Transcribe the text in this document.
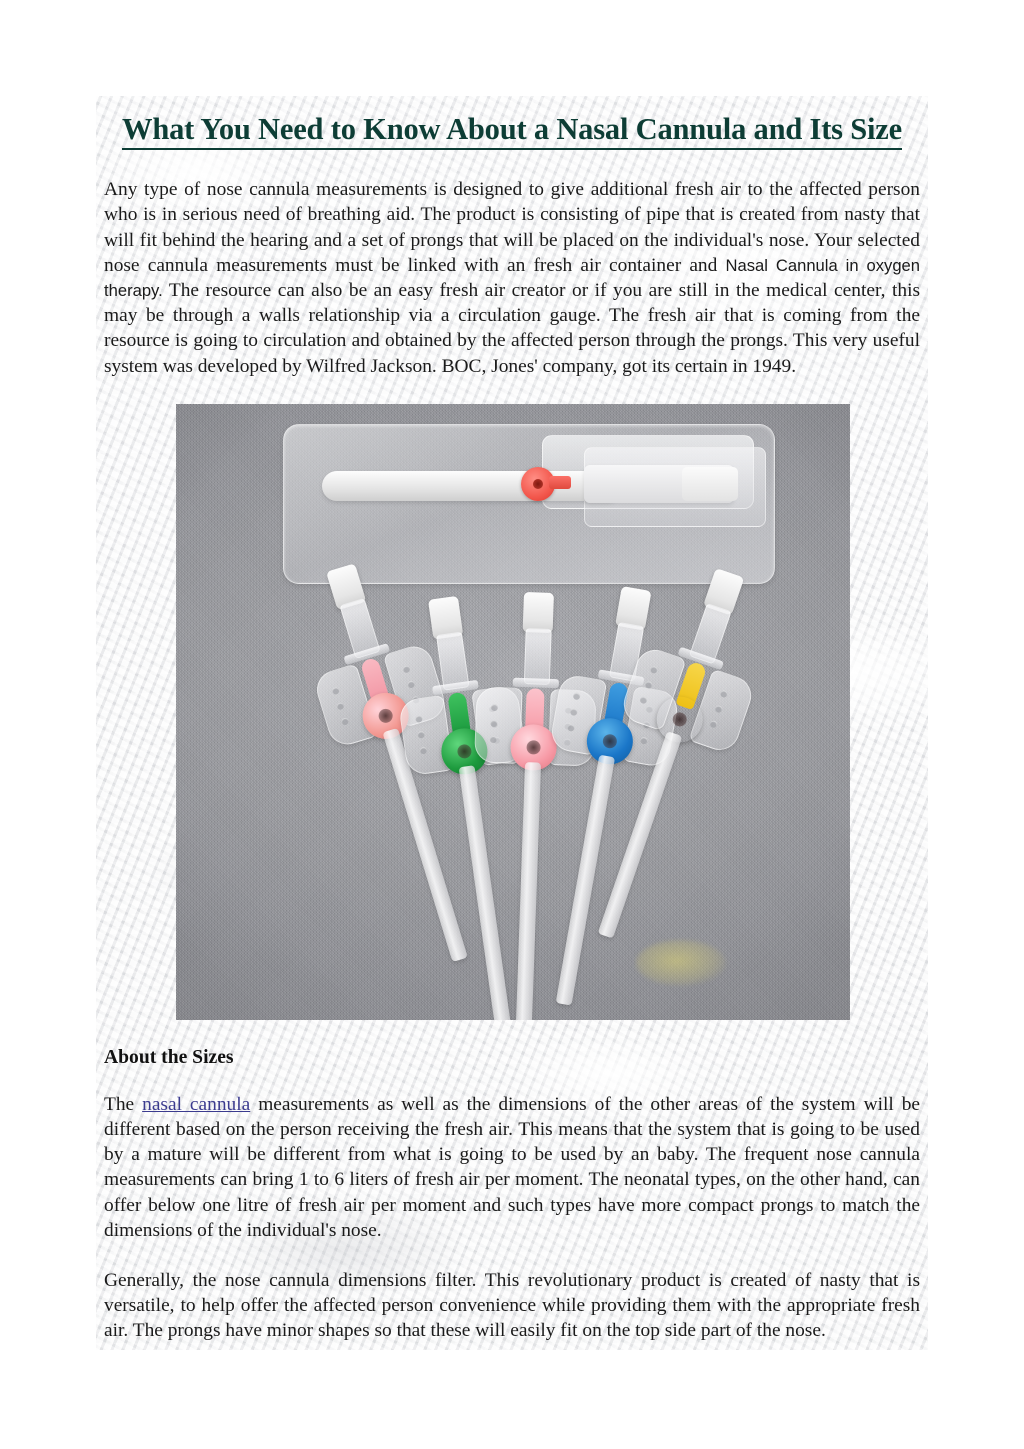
What You Need to Know About a Nasal Cannula and Its Size

Any type of nose cannula measurements is designed to give additional fresh air to the affected person who is in serious need of breathing aid. The product is consisting of pipe that is created from nasty that will fit behind the hearing and a set of prongs that will be placed on the individual's nose. Your selected nose cannula measurements must be linked with an fresh air container and Nasal Cannula in oxygen therapy. The resource can also be an easy fresh air creator or if you are still in the medical center, this may be through a walls relationship via a circulation gauge. The fresh air that is coming from the resource is going to circulation and obtained by the affected person through the prongs. This very useful system was developed by Wilfred Jackson. BOC, Jones' company, got its certain in 1949.

About the Sizes

The nasal cannula measurements as well as the dimensions of the other areas of the system will be different based on the person receiving the fresh air. This means that the system that is going to be used by a mature will be different from what is going to be used by an baby. The frequent nose cannula measurements can bring 1 to 6 liters of fresh air per moment. The neonatal types, on the other hand, can offer below one litre of fresh air per moment and such types have more compact prongs to match the dimensions of the individual's nose.

Generally, the nose cannula dimensions filter. This revolutionary product is created of nasty that is versatile, to help offer the affected person convenience while providing them with the appropriate fresh air. The prongs have minor shapes so that these will easily fit on the top side part of the nose.
